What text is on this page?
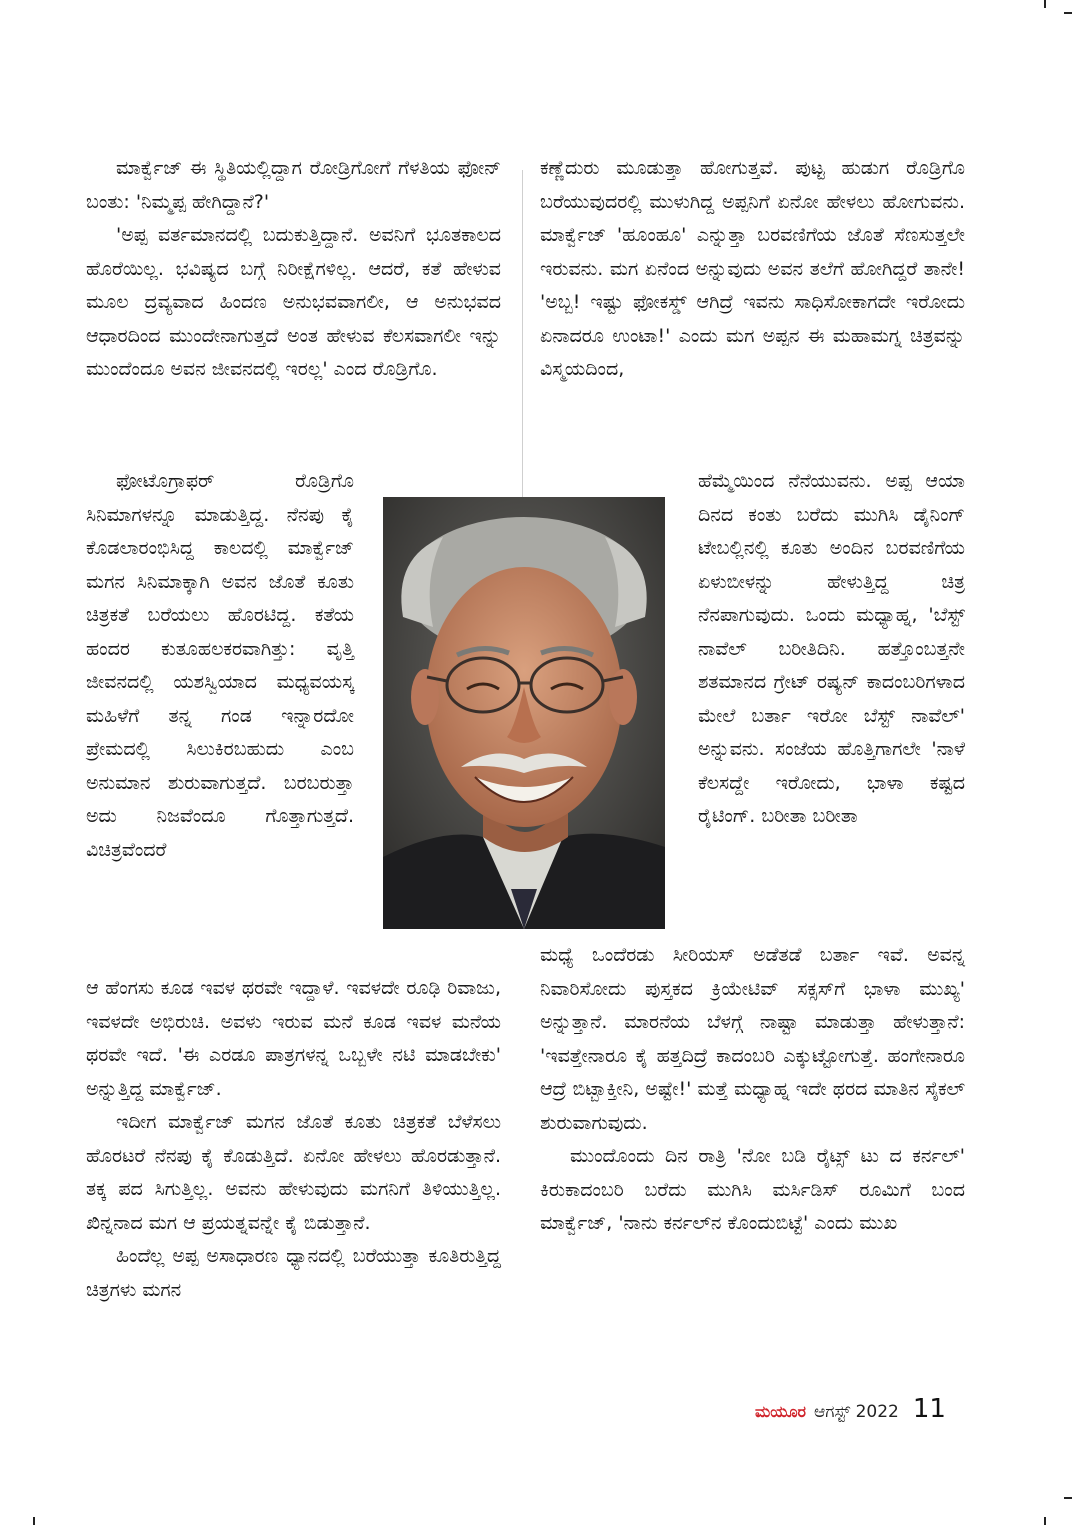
ಮಾರ್ಕ್ವೆಜ್ ಈ ಸ್ಥಿತಿಯಲ್ಲಿದ್ದಾಗ ರೋಡ್ರಿಗೋಗೆ ಗೆಳತಿಯ ಫೋನ್ ಬಂತು: 'ನಿಮ್ಮಪ್ಪ ಹೇಗಿದ್ದಾನೆ?'

'ಅಪ್ಪ ವರ್ತಮಾನದಲ್ಲಿ ಬದುಕುತ್ತಿದ್ದಾನೆ. ಅವನಿಗೆ ಭೂತಕಾಲದ ಹೊರೆಯಿಲ್ಲ. ಭವಿಷ್ಯದ ಬಗ್ಗೆ ನಿರೀಕ್ಷೆಗಳಿಲ್ಲ. ಆದರೆ, ಕತೆ ಹೇಳುವ ಮೂಲ ದ್ರವ್ಯವಾದ ಹಿಂದಣ ಅನುಭವವಾಗಲೀ, ಆ ಅನುಭವದ ಆಧಾರದಿಂದ ಮುಂದೇನಾಗುತ್ತದೆ ಅಂತ ಹೇಳುವ ಕೆಲಸವಾಗಲೀ ಇನ್ನು ಮುಂದೆಂದೂ ಅವನ ಜೀವನದಲ್ಲಿ ಇರಲ್ಲ' ಎಂದ ರೊಡ್ರಿಗೊ.

ಫೋಟೊಗ್ರಾಫರ್ ರೊಡ್ರಿಗೊ ಸಿನಿಮಾಗಳನ್ನೂ ಮಾಡುತ್ತಿದ್ದ. ನೆನಪು ಕೈ ಕೊಡಲಾರಂಭಿಸಿದ್ದ ಕಾಲದಲ್ಲಿ ಮಾರ್ಕ್ವೆಜ್ ಮಗನ ಸಿನಿಮಾಕ್ಕಾಗಿ ಅವನ ಜೊತೆ ಕೂತು ಚಿತ್ರಕತೆ ಬರೆಯಲು ಹೊರಟಿದ್ದ. ಕತೆಯ ಹಂದರ ಕುತೂಹಲಕರವಾಗಿತ್ತು: ವೃತ್ತಿ ಜೀವನದಲ್ಲಿ ಯಶಸ್ವಿಯಾದ ಮಧ್ಯವಯಸ್ಕ ಮಹಿಳೆಗೆ ತನ್ನ ಗಂಡ ಇನ್ನಾರದೋ ಪ್ರೇಮದಲ್ಲಿ ಸಿಲುಕಿರಬಹುದು ಎಂಬ ಅನುಮಾನ ಶುರುವಾಗುತ್ತದೆ. ಬರಬರುತ್ತಾ ಅದು ನಿಜವೆಂದೂ ಗೊತ್ತಾಗುತ್ತದೆ. ವಿಚಿತ್ರವೆಂದರೆ

ಆ ಹೆಂಗಸು ಕೂಡ ಇವಳ ಥರವೇ ಇದ್ದಾಳೆ. ಇವಳದೇ ರೂಢಿ ರಿವಾಜು, ಇವಳದೇ ಅಭಿರುಚಿ. ಅವಳು ಇರುವ ಮನೆ ಕೂಡ ಇವಳ ಮನೆಯ ಥರವೇ ಇದೆ. 'ಈ ಎರಡೂ ಪಾತ್ರಗಳನ್ನ ಒಬ್ಬಳೇ ನಟಿ ಮಾಡಬೇಕು' ಅನ್ನುತ್ತಿದ್ದ ಮಾರ್ಕ್ವೆಜ್.

ಇದೀಗ ಮಾರ್ಕ್ವೆಜ್ ಮಗನ ಜೊತೆ ಕೂತು ಚಿತ್ರಕತೆ ಬೆಳೆಸಲು ಹೊರಟರೆ ನೆನಪು ಕೈ ಕೊಡುತ್ತಿದೆ. ಏನೋ ಹೇಳಲು ಹೊರಡುತ್ತಾನೆ. ತಕ್ಕ ಪದ ಸಿಗುತ್ತಿಲ್ಲ. ಅವನು ಹೇಳುವುದು ಮಗನಿಗೆ ತಿಳಿಯುತ್ತಿಲ್ಲ. ಖಿನ್ನನಾದ ಮಗ ಆ ಪ್ರಯತ್ನವನ್ನೇ ಕೈ ಬಿಡುತ್ತಾನೆ.

ಹಿಂದೆಲ್ಲ ಅಪ್ಪ ಅಸಾಧಾರಣ ಧ್ಯಾನದಲ್ಲಿ ಬರೆಯುತ್ತಾ ಕೂತಿರುತ್ತಿದ್ದ ಚಿತ್ರಗಳು ಮಗನ

ಕಣ್ಣೆದುರು ಮೂಡುತ್ತಾ ಹೋಗುತ್ತವೆ. ಪುಟ್ಟ ಹುಡುಗ ರೊಡ್ರಿಗೊ ಬರೆಯುವುದರಲ್ಲಿ ಮುಳುಗಿದ್ದ ಅಪ್ಪನಿಗೆ ಏನೋ ಹೇಳಲು ಹೋಗುವನು. ಮಾರ್ಕ್ವೆಜ್ 'ಹೂಂಹೂ' ಎನ್ನುತ್ತಾ ಬರವಣಿಗೆಯ ಜೊತೆ ಸೆಣಸುತ್ತಲೇ ಇರುವನು. ಮಗ ಏನೆಂದ ಅನ್ನುವುದು ಅವನ ತಲೆಗೆ ಹೋಗಿದ್ದರೆ ತಾನೇ! 'ಅಬ್ಬ! ಇಷ್ಟು ಫೋಕಸ್ಡ್ ಆಗಿದ್ರೆ ಇವನು ಸಾಧಿಸೋಕಾಗದೇ ಇರೋದು ಏನಾದರೂ ಉಂಟಾ!' ಎಂದು ಮಗ ಅಪ್ಪನ ಈ ಮಹಾಮಗ್ನ ಚಿತ್ರವನ್ನು ವಿಸ್ಮಯದಿಂದ,

ಹೆಮ್ಮೆಯಿಂದ ನೆನೆಯುವನು. ಅಪ್ಪ ಆಯಾ ದಿನದ ಕಂತು ಬರೆದು ಮುಗಿಸಿ ಡೈನಿಂಗ್ ಟೇಬಲ್ಲಿನಲ್ಲಿ ಕೂತು ಅಂದಿನ ಬರವಣಿಗೆಯ ಏಳುಬೀಳನ್ನು ಹೇಳುತ್ತಿದ್ದ ಚಿತ್ರ ನೆನಪಾಗುವುದು. ಒಂದು ಮಧ್ಯಾಹ್ನ, 'ಬೆಸ್ಟ್ ನಾವೆಲ್ ಬರೀತಿದಿನಿ. ಹತ್ತೊಂಬತ್ತನೇ ಶತಮಾನದ ಗ್ರೇಟ್ ರಷ್ಯನ್ ಕಾದಂಬರಿಗಳಾದ ಮೇಲೆ ಬರ್ತಾ ಇರೋ ಬೆಸ್ಟ್ ನಾವೆಲ್' ಅನ್ನುವನು. ಸಂಜೆಯ ಹೊತ್ತಿಗಾಗಲೇ 'ನಾಳೆ ಕೆಲಸದ್ದೇ ಇರೋದು, ಭಾಳಾ ಕಷ್ಟದ ರೈಟಿಂಗ್. ಬರೀತಾ ಬರೀತಾ

ಮಧ್ಯೆ ಒಂದೆರಡು ಸೀರಿಯಸ್ ಅಡೆತಡೆ ಬರ್ತಾ ಇವೆ. ಅವನ್ನ ನಿವಾರಿಸೋದು ಪುಸ್ತಕದ ಕ್ರಿಯೇಟಿವ್ ಸಕ್ಸಸ್‌ಗೆ ಭಾಳಾ ಮುಖ್ಯ' ಅನ್ನುತ್ತಾನೆ. ಮಾರನೆಯ ಬೆಳಗ್ಗೆ ನಾಷ್ಟಾ ಮಾಡುತ್ತಾ ಹೇಳುತ್ತಾನೆ: 'ಇವತ್ತೇನಾರೂ ಕೈ ಹತ್ತದಿದ್ರೆ ಕಾದಂಬರಿ ಎಕ್ಕುಟ್ಟೋಗುತ್ತೆ. ಹಂಗೇನಾರೂ ಆದ್ರೆ ಬಿಟ್ಬಾಕ್ತೀನಿ, ಅಷ್ಟೇ!' ಮತ್ತೆ ಮಧ್ಯಾಹ್ನ ಇದೇ ಥರದ ಮಾತಿನ ಸೈಕಲ್ ಶುರುವಾಗುವುದು.

ಮುಂದೊಂದು ದಿನ ರಾತ್ರಿ 'ನೋ ಬಡಿ ರೈಟ್ಸ್ ಟು ದ ಕರ್ನಲ್' ಕಿರುಕಾದಂಬರಿ ಬರೆದು ಮುಗಿಸಿ ಮರ್ಸಿಡಿಸ್ ರೂಮಿಗೆ ಬಂದ ಮಾರ್ಕ್ವೆಜ್, 'ನಾನು ಕರ್ನಲ್‌ನ ಕೊಂದುಬಿಟ್ಟೆ' ಎಂದು ಮುಖ

ಮಯೂರ ಆಗಸ್ಟ್ 2022 11
